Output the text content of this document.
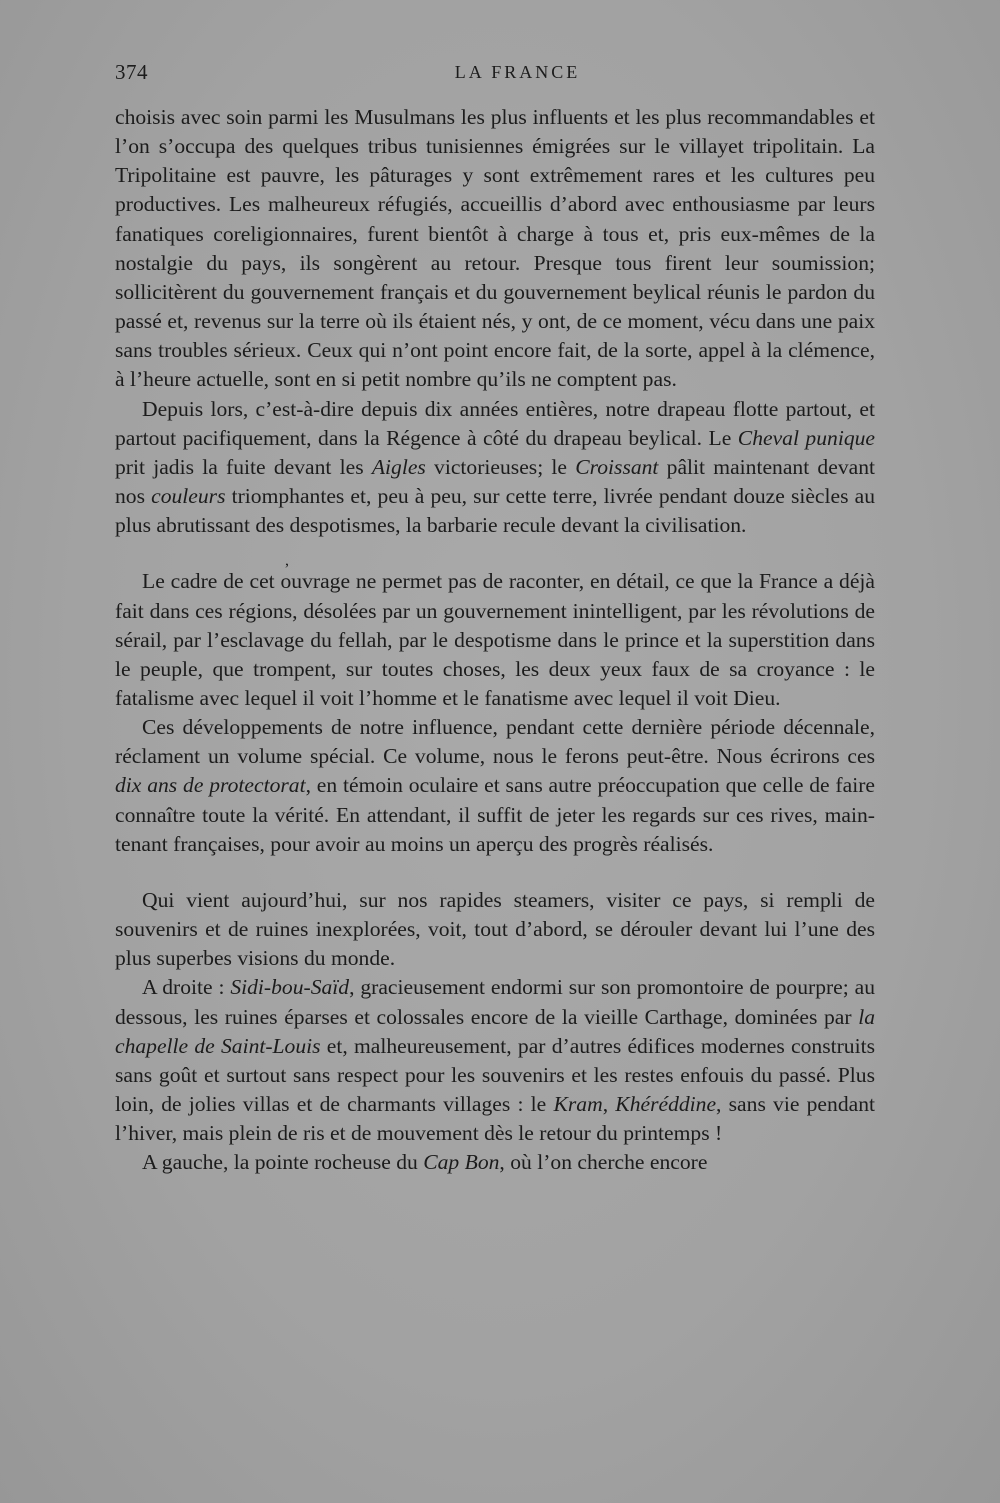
374	LA FRANCE

choisis avec soin parmi les Musulmans les plus influents et les plus recommandables et l’on s’occupa des quelques tribus tunisiennes émigrées sur le villayet tripolitain. La Tripolitaine est pauvre, les pâturages y sont extrêmement rares et les cultures peu productives. Les malheureux réfugiés, accueillis d’abord avec enthousiasme par leurs fanatiques coreligionnaires, furent bientôt à charge à tous et, pris eux-mêmes de la nostalgie du pays, ils songèrent au retour. Presque tous firent leur soumission; sollicitèrent du gouvernement français et du gouvernement beylical réunis le pardon du passé et, revenus sur la terre où ils étaient nés, y ont, de ce moment, vécu dans une paix sans troubles sérieux. Ceux qui n’ont point encore fait, de la sorte, appel à la clémence, à l’heure actuelle, sont en si petit nombre qu’ils ne comptent pas.

Depuis lors, c’est-à-dire depuis dix années entières, notre drapeau flotte partout, et partout pacifiquement, dans la Régence à côté du drapeau beylical. Le Cheval punique prit jadis la fuite devant les Aigles victorieuses; le Croissant pâlit maintenant devant nos couleurs triomphantes et, peu à peu, sur cette terre, livrée pendant douze siècles au plus abrutissant des despotismes, la barbarie recule devant la civilisation.

,

Le cadre de cet ouvrage ne permet pas de raconter, en détail, ce que la France a déjà fait dans ces régions, désolées par un gouvernement inintelligent, par les révolutions de sérail, par l’esclavage du fellah, par le despotisme dans le prince et la superstition dans le peuple, que trompent, sur toutes choses, les deux yeux faux de sa croyance : le fatalisme avec lequel il voit l’homme et le fanatisme avec lequel il voit Dieu.

Ces développements de notre influence, pendant cette dernière période décennale, réclament un volume spécial. Ce volume, nous le ferons peut-être. Nous écrirons ces dix ans de protectorat, en témoin oculaire et sans autre préoccupation que celle de faire connaître toute la vérité. En attendant, il suffit de jeter les regards sur ces rives, maintenant françaises, pour avoir au moins un aperçu des progrès réalisés.

Qui vient aujourd’hui, sur nos rapides steamers, visiter ce pays, si rempli de souvenirs et de ruines inexplorées, voit, tout d’abord, se dérouler devant lui l’une des plus superbes visions du monde.

A droite : Sidi-bou-Saïd, gracieusement endormi sur son promontoire de pourpre; au dessous, les ruines éparses et colossales encore de la vieille Carthage, dominées par la chapelle de Saint-Louis et, malheureusement, par d’autres édifices modernes construits sans goût et surtout sans respect pour les souvenirs et les restes enfouis du passé. Plus loin, de jolies villas et de charmants villages : le Kram, Khéréddine, sans vie pendant l’hiver, mais plein de ris et de mouvement dès le retour du printemps !

A gauche, la pointe rocheuse du Cap Bon, où l’on cherche encore
